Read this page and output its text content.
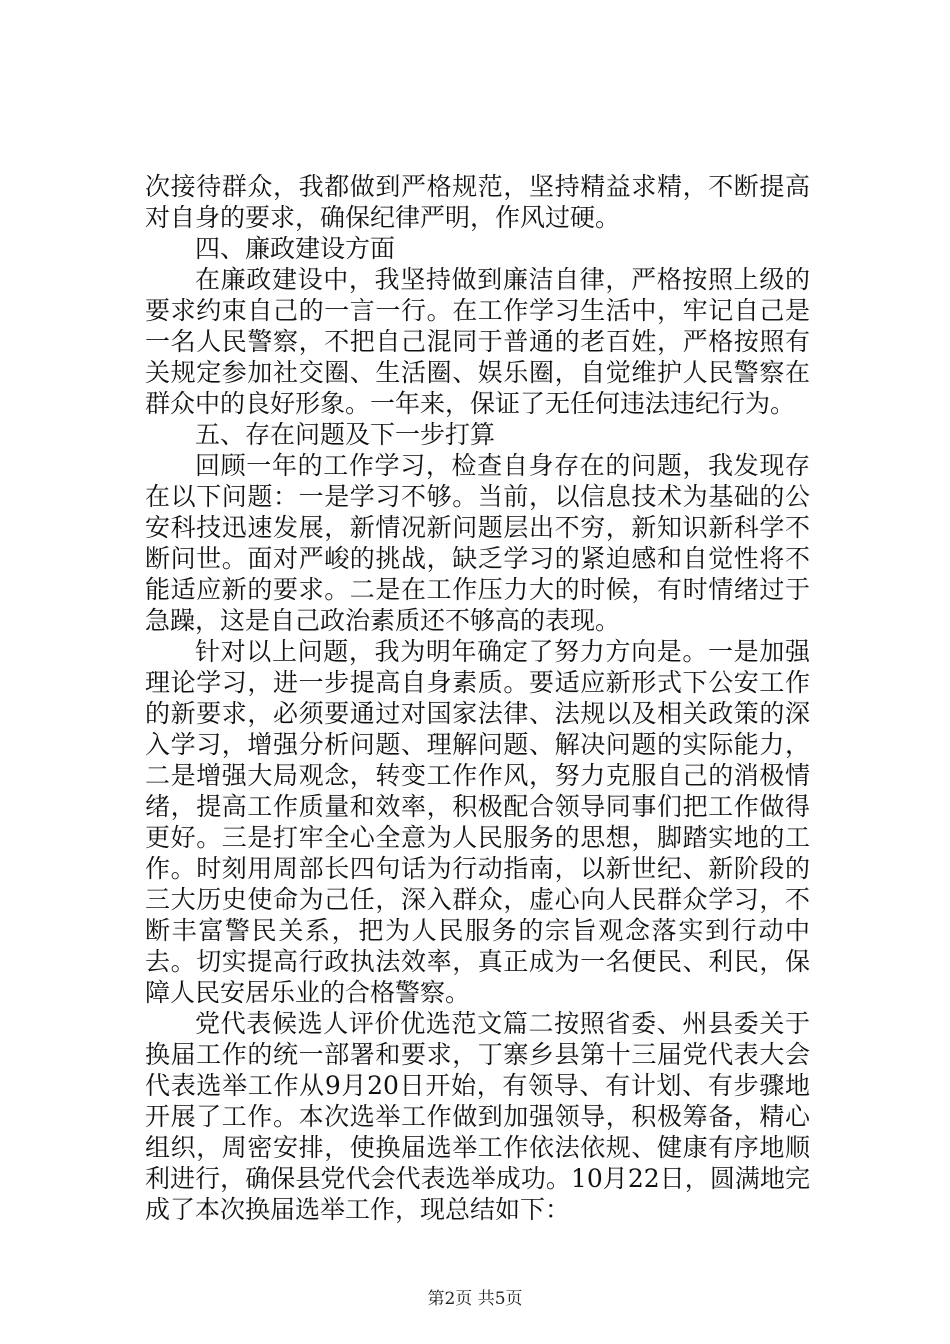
次接待群众，我都做到严格规范，坚持精益求精，不断提高对自身的要求，确保纪律严明，作风过硬。

四、廉政建设方面

在廉政建设中，我坚持做到廉洁自律，严格按照上级的要求约束自己的一言一行。在工作学习生活中，牢记自己是一名人民警察，不把自己混同于普通的老百姓，严格按照有关规定参加社交圈、生活圈、娱乐圈，自觉维护人民警察在群众中的良好形象。一年来，保证了无任何违法违纪行为。

五、存在问题及下一步打算

回顾一年的工作学习，检查自身存在的问题，我发现存在以下问题：一是学习不够。当前，以信息技术为基础的公安科技迅速发展，新情况新问题层出不穷，新知识新科学不断问世。面对严峻的挑战，缺乏学习的紧迫感和自觉性将不能适应新的要求。二是在工作压力大的时候，有时情绪过于急躁，这是自己政治素质还不够高的表现。

针对以上问题，我为明年确定了努力方向是。一是加强理论学习，进一步提高自身素质。要适应新形式下公安工作的新要求，必须要通过对国家法律、法规以及相关政策的深入学习，增强分析问题、理解问题、解决问题的实际能力，二是增强大局观念，转变工作作风，努力克服自己的消极情绪，提高工作质量和效率，积极配合领导同事们把工作做得更好。三是打牢全心全意为人民服务的思想，脚踏实地的工作。时刻用周部长四句话为行动指南，以新世纪、新阶段的三大历史使命为己任，深入群众，虚心向人民群众学习，不断丰富警民关系，把为人民服务的宗旨观念落实到行动中去。切实提高行政执法效率，真正成为一名便民、利民，保障人民安居乐业的合格警察。

党代表候选人评价优选范文篇二按照省委、州县委关于换届工作的统一部署和要求，丁寨乡县第十三届党代表大会代表选举工作从9月20日开始，有领导、有计划、有步骤地开展了工作。本次选举工作做到加强领导，积极筹备，精心组织，周密安排，使换届选举工作依法依规、健康有序地顺利进行，确保县党代会代表选举成功。10月22日，圆满地完成了本次换届选举工作，现总结如下：

第2页 共5页
